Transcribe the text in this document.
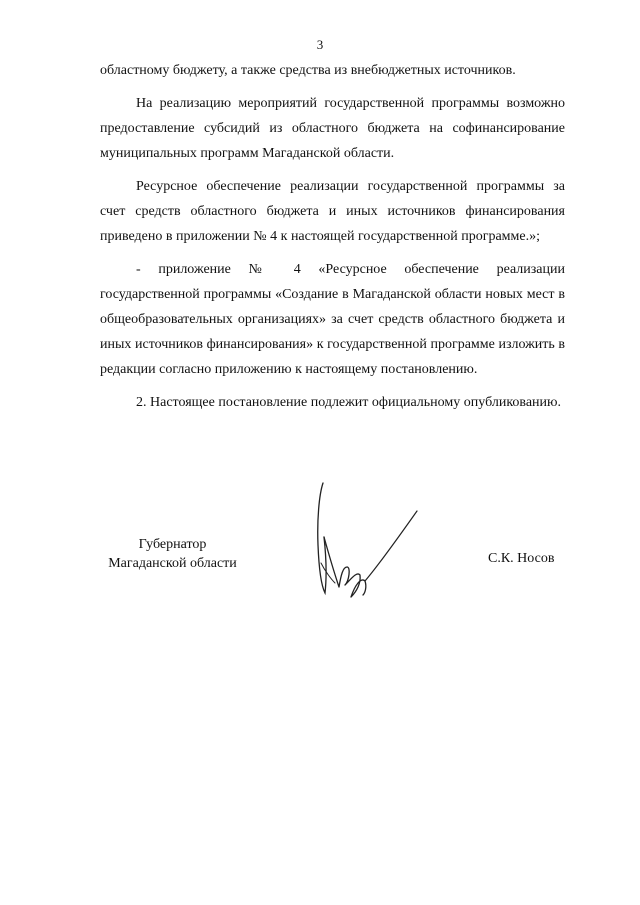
3

областному бюджету, а также средства из внебюджетных источников.

На реализацию мероприятий государственной программы возможно предоставление субсидий из областного бюджета на софинансирование муниципальных программ Магаданской области.

Ресурсное обеспечение реализации государственной программы за счет средств областного бюджета и иных источников финансирования приведено в приложении № 4 к настоящей государственной программе.»;

- приложение № 4 «Ресурсное обеспечение реализации государственной программы «Создание в Магаданской области новых мест в общеобразовательных организациях» за счет средств областного бюджета и иных источников финансирования» к государственной программе изложить в редакции согласно приложению к настоящему постановлению.

2. Настоящее постановление подлежит официальному опубликованию.

Губернатор
Магаданской области	С.К. Носов
